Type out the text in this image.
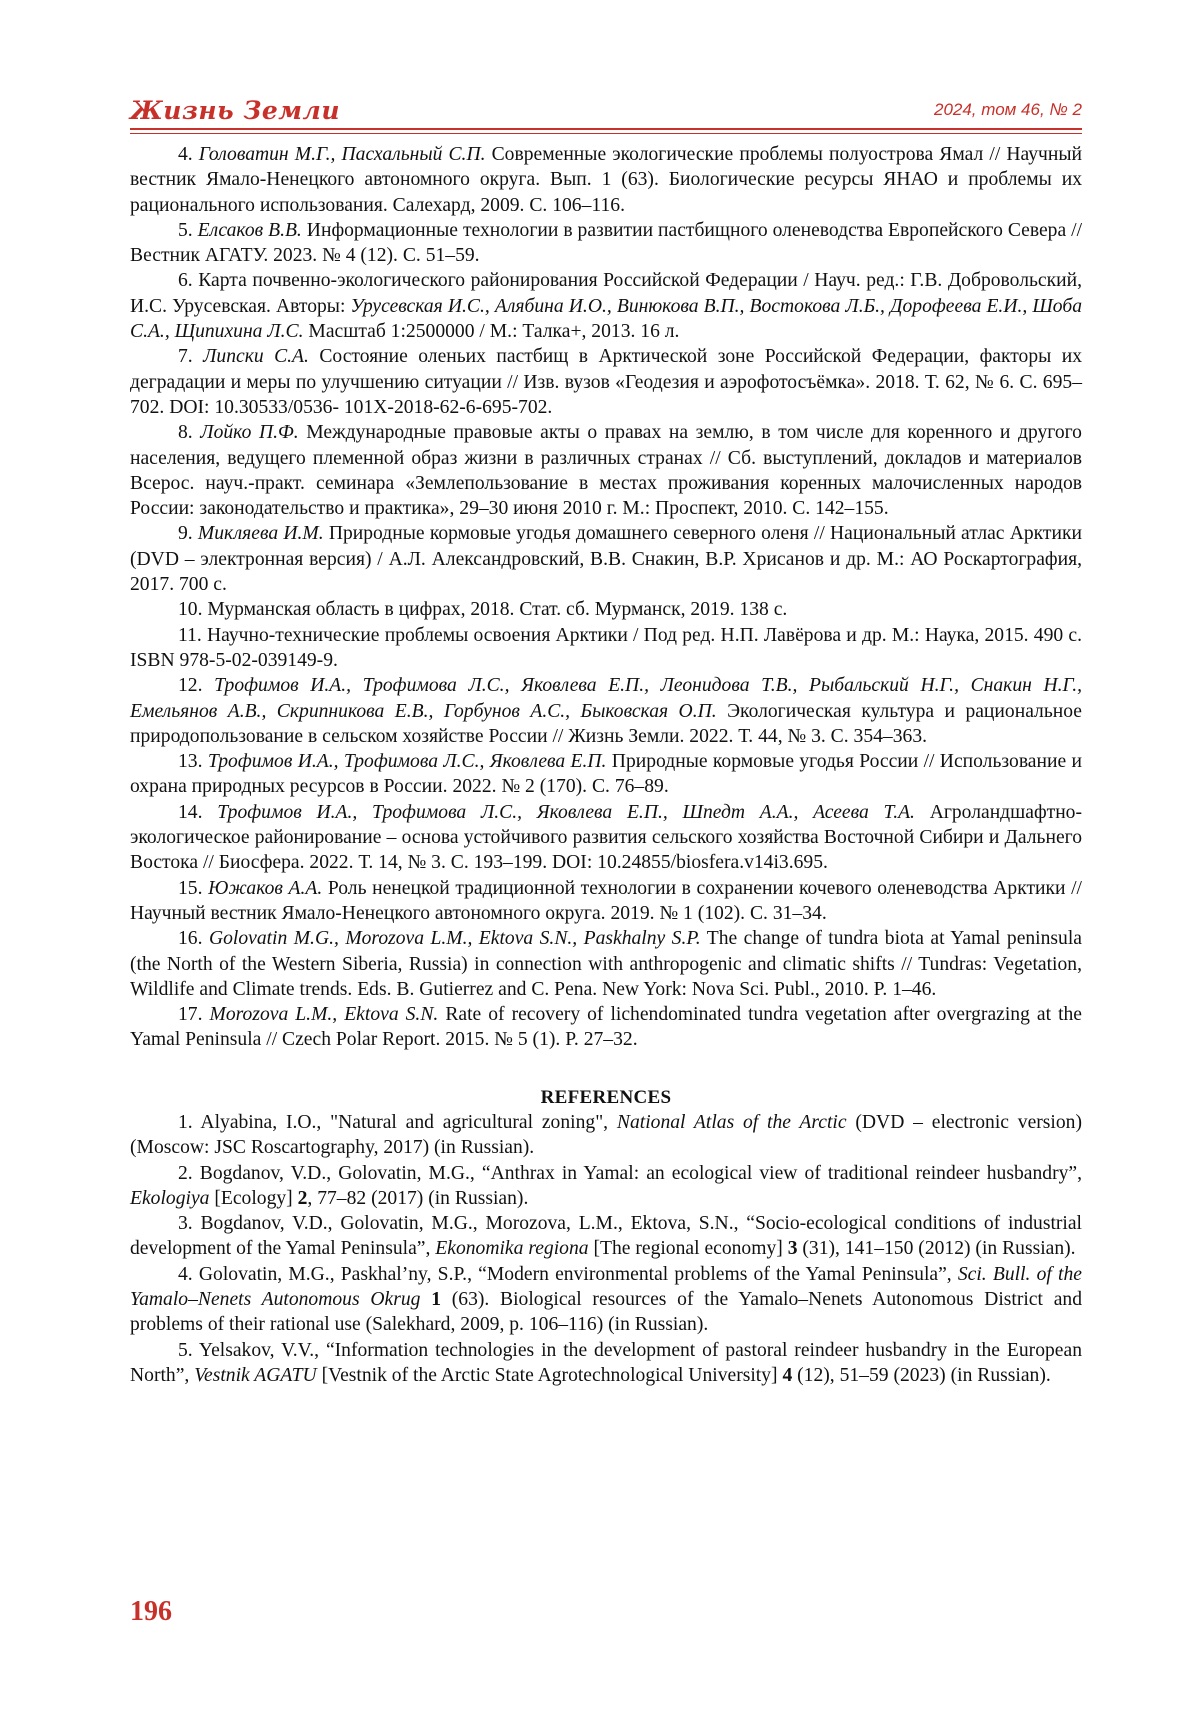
Жизнь Земли	2024, том 46, № 2

4. Головатин М.Г., Пасхальный С.П. Современные экологические проблемы полуострова Ямал // Научный вестник Ямало-Ненецкого автономного округа. Вып. 1 (63). Биологические ресурсы ЯНАО и проблемы их рационального использования. Салехард, 2009. С. 106–116.

5. Елсаков В.В. Информационные технологии в развитии пастбищного оленеводства Европейского Севера // Вестник АГАТУ. 2023. № 4 (12). С. 51–59.

6. Карта почвенно-экологического районирования Российской Федерации / Науч. ред.: Г.В. Добровольский, И.С. Урусевская. Авторы: Урусевская И.С., Алябина И.О., Винюкова В.П., Востокова Л.Б., Дорофеева Е.И., Шоба С.А., Щипихина Л.С. Масштаб 1:2500000 / М.: Талка+, 2013. 16 л.

7. Липски С.А. Состояние оленьих пастбищ в Арктической зоне Российской Федерации, факторы их деградации и меры по улучшению ситуации // Изв. вузов «Геодезия и аэрофотосъёмка». 2018. Т. 62, № 6. С. 695–702. DOI: 10.30533/0536- 101X-2018-62-6-695-702.

8. Лойко П.Ф. Международные правовые акты о правах на землю, в том числе для коренного и другого населения, ведущего племенной образ жизни в различных странах // Сб. выступлений, докладов и материалов Всерос. науч.-практ. семинара «Землепользование в местах проживания коренных малочисленных народов России: законодательство и практика», 29–30 июня 2010 г. М.: Проспект, 2010. С. 142–155.

9. Микляева И.М. Природные кормовые угодья домашнего северного оленя // Национальный атлас Арктики (DVD – электронная версия) / А.Л. Александровский, В.В. Снакин, В.Р. Хрисанов и др. М.: АО Роскартография, 2017. 700 с.

10. Мурманская область в цифрах, 2018. Стат. сб. Мурманск, 2019. 138 с.

11. Научно-технические проблемы освоения Арктики / Под ред. Н.П. Лавёрова и др. М.: Наука, 2015. 490 с. ISBN 978-5-02-039149-9.

12. Трофимов И.А., Трофимова Л.С., Яковлева Е.П., Леонидова Т.В., Рыбальский Н.Г., Снакин Н.Г., Емельянов А.В., Скрипникова Е.В., Горбунов А.С., Быковская О.П. Экологическая культура и рациональное природопользование в сельском хозяйстве России // Жизнь Земли. 2022. Т. 44, № 3. С. 354–363.

13. Трофимов И.А., Трофимова Л.С., Яковлева Е.П. Природные кормовые угодья России // Использование и охрана природных ресурсов в России. 2022. № 2 (170). С. 76–89.

14. Трофимов И.А., Трофимова Л.С., Яковлева Е.П., Шпедт А.А., Асеева Т.А. Агроландшафтно-экологическое районирование – основа устойчивого развития сельского хозяйства Восточной Сибири и Дальнего Востока // Биосфера. 2022. Т. 14, № 3. С. 193–199. DOI: 10.24855/biosfera.v14i3.695.

15. Южаков А.А. Роль ненецкой традиционной технологии в сохранении кочевого оленеводства Арктики // Научный вестник Ямало-Ненецкого автономного округа. 2019. № 1 (102). С. 31–34.

16. Golovatin M.G., Morozova L.M., Ektova S.N., Paskhalny S.P. The change of tundra biota at Yamal peninsula (the North of the Western Siberia, Russia) in connection with anthropogenic and climatic shifts // Tundras: Vegetation, Wildlife and Climate trends. Eds. B. Gutierrez and C. Pena. New York: Nova Sci. Publ., 2010. P. 1–46.

17. Morozova L.M., Ektova S.N. Rate of recovery of lichendominated tundra vegetation after overgrazing at the Yamal Peninsula // Czech Polar Report. 2015. № 5 (1). P. 27–32.

REFERENCES

1. Alyabina, I.O., "Natural and agricultural zoning", National Atlas of the Arctic (DVD – electronic version) (Moscow: JSC Roscartography, 2017) (in Russian).

2. Bogdanov, V.D., Golovatin, M.G., “Anthrax in Yamal: an ecological view of traditional reindeer husbandry”, Ekologiya [Ecology] 2, 77–82 (2017) (in Russian).

3. Bogdanov, V.D., Golovatin, M.G., Morozova, L.M., Ektova, S.N., “Socio-ecological conditions of industrial development of the Yamal Peninsula”, Ekonomika regiona [The regional economy] 3 (31), 141–150 (2012) (in Russian).

4. Golovatin, M.G., Paskhal’ny, S.P., “Modern environmental problems of the Yamal Peninsula”, Sci. Bull. of the Yamalo–Nenets Autonomous Okrug 1 (63). Biological resources of the Yamalo–Nenets Autonomous District and problems of their rational use (Salekhard, 2009, p. 106–116) (in Russian).

5. Yelsakov, V.V., “Information technologies in the development of pastoral reindeer husbandry in the European North”, Vestnik AGATU [Vestnik of the Arctic State Agrotechnological University] 4 (12), 51–59 (2023) (in Russian).

196
